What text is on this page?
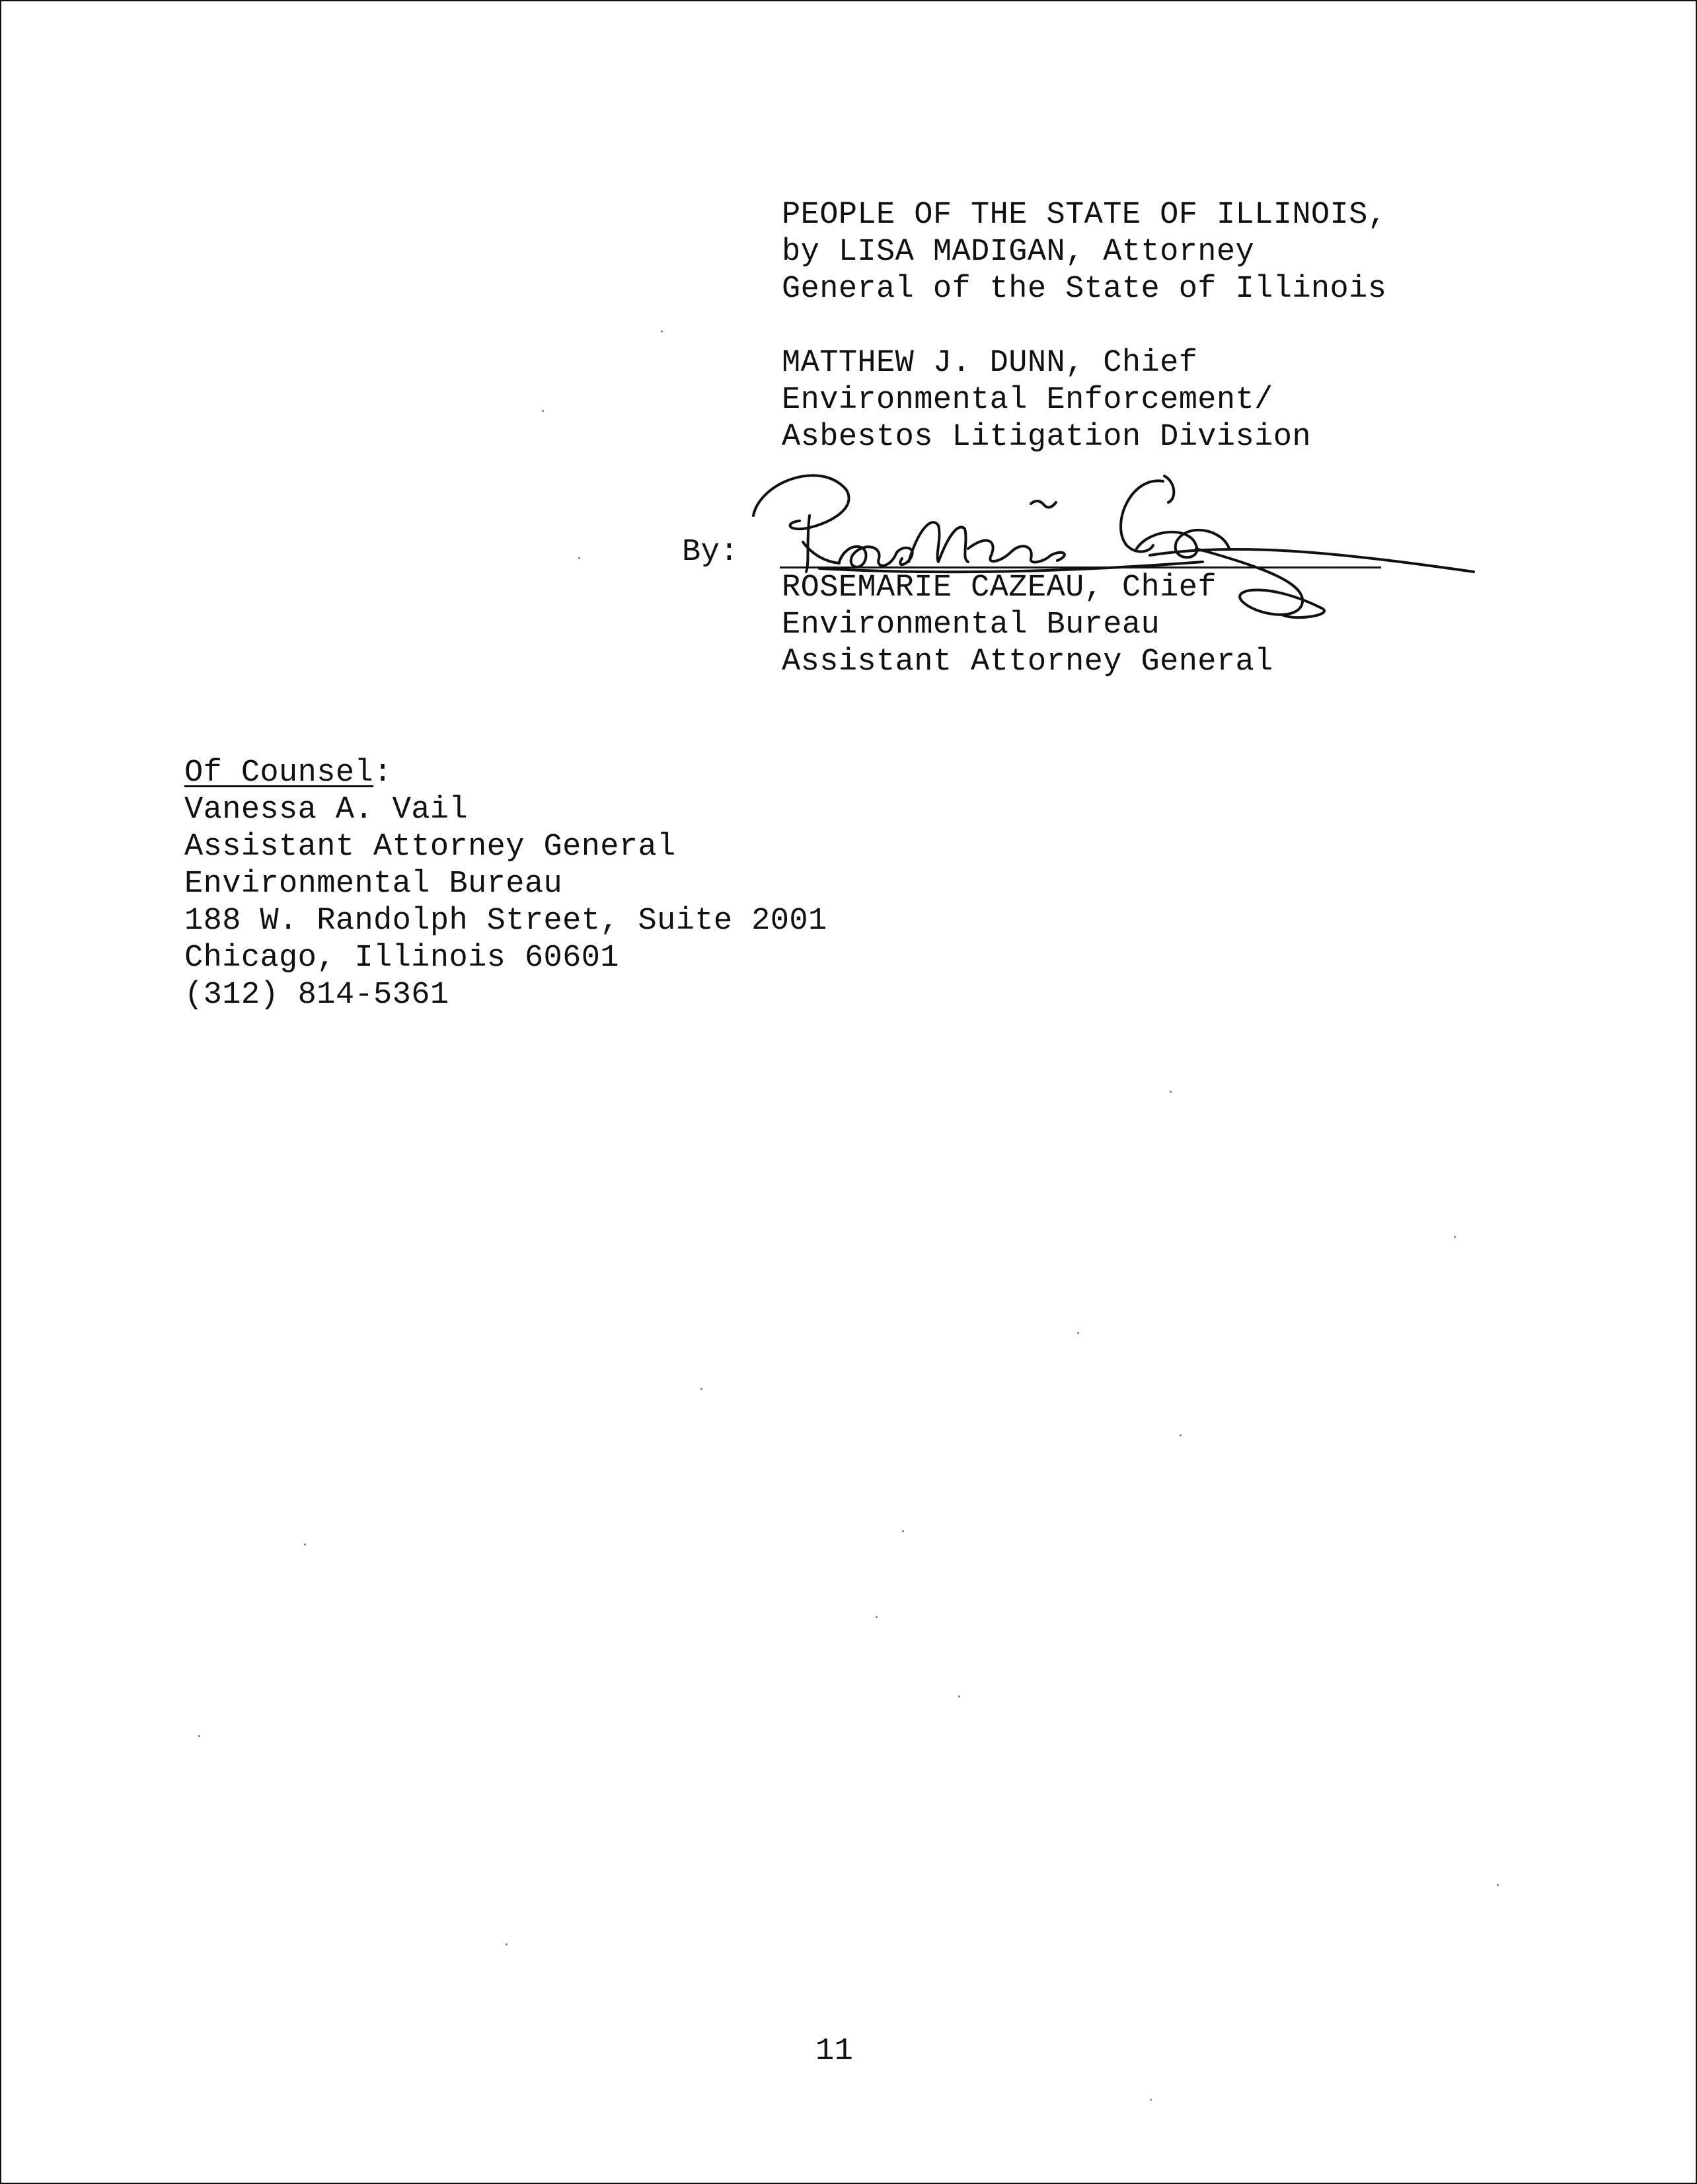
PEOPLE OF THE STATE OF ILLINOIS,
by LISA MADIGAN, Attorney
General of the State of Illinois
MATTHEW J. DUNN, Chief
Environmental Enforcement/
Asbestos Litigation Division
By:
ROSEMARIE CAZEAU, Chief
Environmental Bureau
Assistant Attorney General
Of Counsel:
Vanessa A. Vail
Assistant Attorney General
Environmental Bureau
188 W. Randolph Street, Suite 2001
Chicago, Illinois 60601
(312) 814-5361
11
